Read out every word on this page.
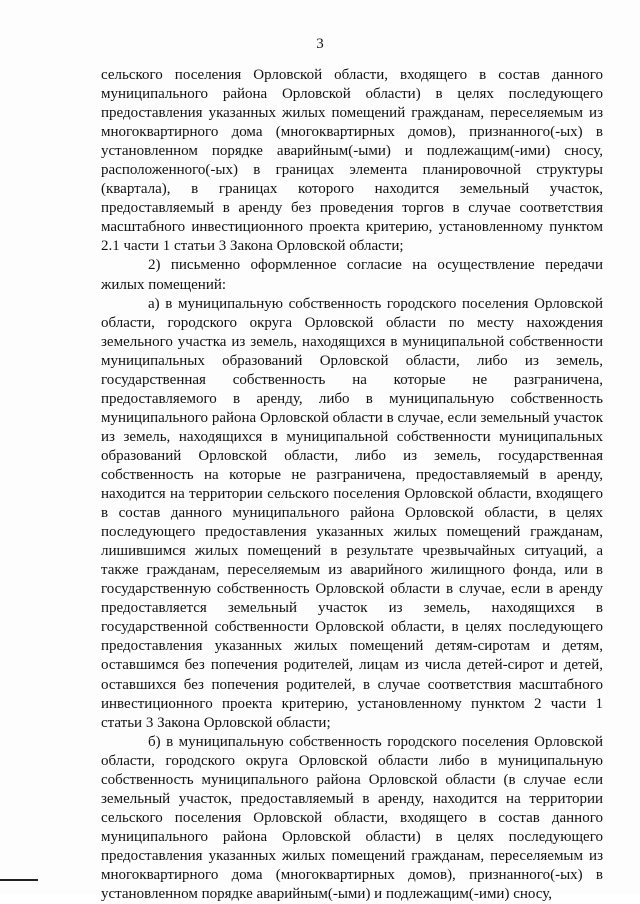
3

сельского поселения Орловской области, входящего в состав данного муниципального района Орловской области) в целях последующего предоставления указанных жилых помещений гражданам, переселяемым из многоквартирного дома (многоквартирных домов), признанного(-ых) в установленном порядке аварийным(-ыми) и подлежащим(-ими) сносу, расположенного(-ых) в границах элемента планировочной структуры (квартала), в границах которого находится земельный участок, предоставляемый в аренду без проведения торгов в случае соответствия масштабного инвестиционного проекта критерию, установленному пунктом 2.1 части 1 статьи 3 Закона Орловской области;

2) письменно оформленное согласие на осуществление передачи жилых помещений:

а) в муниципальную собственность городского поселения Орловской области, городского округа Орловской области по месту нахождения земельного участка из земель, находящихся в муниципальной собственности муниципальных образований Орловской области, либо из земель, государственная собственность на которые не разграничена, предоставляемого в аренду, либо в муниципальную собственность муниципального района Орловской области в случае, если земельный участок из земель, находящихся в муниципальной собственности муниципальных образований Орловской области, либо из земель, государственная собственность на которые не разграничена, предоставляемый в аренду, находится на территории сельского поселения Орловской области, входящего в состав данного муниципального района Орловской области, в целях последующего предоставления указанных жилых помещений гражданам, лишившимся жилых помещений в результате чрезвычайных ситуаций, а также гражданам, переселяемым из аварийного жилищного фонда, или в государственную собственность Орловской области в случае, если в аренду предоставляется земельный участок из земель, находящихся в государственной собственности Орловской области, в целях последующего предоставления указанных жилых помещений детям-сиротам и детям, оставшимся без попечения родителей, лицам из числа детей-сирот и детей, оставшихся без попечения родителей, в случае соответствия масштабного инвестиционного проекта критерию, установленному пунктом 2 части 1 статьи 3 Закона Орловской области;

б) в муниципальную собственность городского поселения Орловской области, городского округа Орловской области либо в муниципальную собственность муниципального района Орловской области (в случае если земельный участок, предоставляемый в аренду, находится на территории сельского поселения Орловской области, входящего в состав данного муниципального района Орловской области) в целях последующего предоставления указанных жилых помещений гражданам, переселяемым из многоквартирного дома (многоквартирных домов), признанного(-ых) в установленном порядке аварийным(-ыми) и подлежащим(-ими) сносу,
